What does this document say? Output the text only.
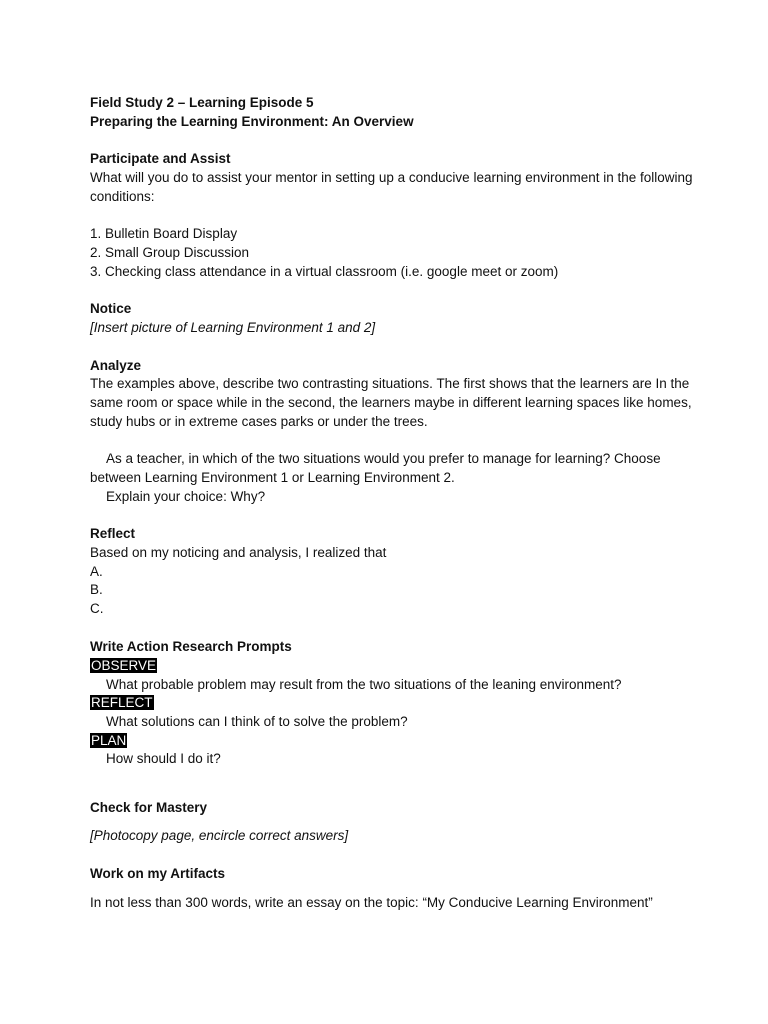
Field Study 2 – Learning Episode 5
Preparing the Learning Environment: An Overview
Participate and Assist
What will you do to assist your mentor in setting up a conducive learning environment in the following
conditions:
1. Bulletin Board Display
2. Small Group Discussion
3. Checking class attendance in a virtual classroom (i.e. google meet or zoom)
Notice
[Insert picture of Learning Environment 1 and 2]
Analyze
The examples above, describe two contrasting situations. The first shows that the learners are In the
same room or space while in the second, the learners maybe in different learning spaces like homes,
study hubs or in extreme cases parks or under the trees.
As a teacher, in which of the two situations would you prefer to manage for learning? Choose
between Learning Environment 1 or Learning Environment 2.
Explain your choice: Why?
Reflect
Based on my noticing and analysis, I realized that
A.
B.
C.
Write Action Research Prompts
OBSERVE
What probable problem may result from the two situations of the leaning environment?
REFLECT
What solutions can I think of to solve the problem?
PLAN
How should I do it?
Check for Mastery
[Photocopy page, encircle correct answers]
Work on my Artifacts
In not less than 300 words, write an essay on the topic: “My Conducive Learning Environment”
